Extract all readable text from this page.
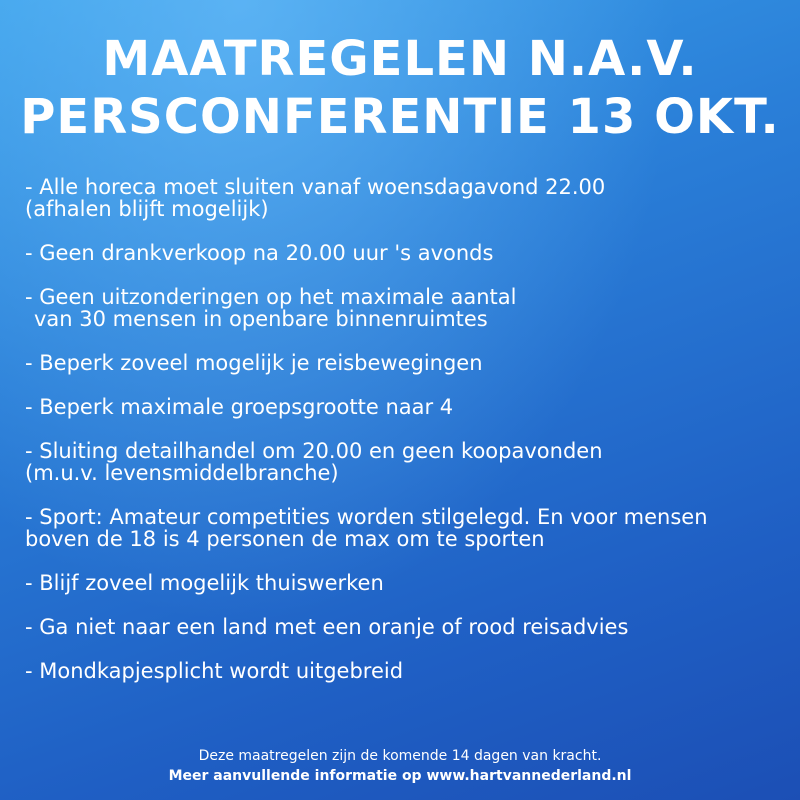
MAATREGELEN N.A.V.
PERSCONFERENTIE 13 OKT.
- Alle horeca moet sluiten vanaf woensdagavond 22.00
(afhalen blijft mogelijk)
- Geen drankverkoop na 20.00 uur 's avonds
- Geen uitzonderingen op het maximale aantal
van 30 mensen in openbare binnenruimtes
- Beperk zoveel mogelijk je reisbewegingen
- Beperk maximale groepsgrootte naar 4
- Sluiting detailhandel om 20.00 en geen koopavonden
(m.u.v. levensmiddelbranche)
- Sport: Amateur competities worden stilgelegd. En voor mensen
boven de 18 is 4 personen de max om te sporten
- Blijf zoveel mogelijk thuiswerken
- Ga niet naar een land met een oranje of rood reisadvies
- Mondkapjesplicht wordt uitgebreid
Deze maatregelen zijn de komende 14 dagen van kracht.
Meer aanvullende informatie op www.hartvannederland.nl
